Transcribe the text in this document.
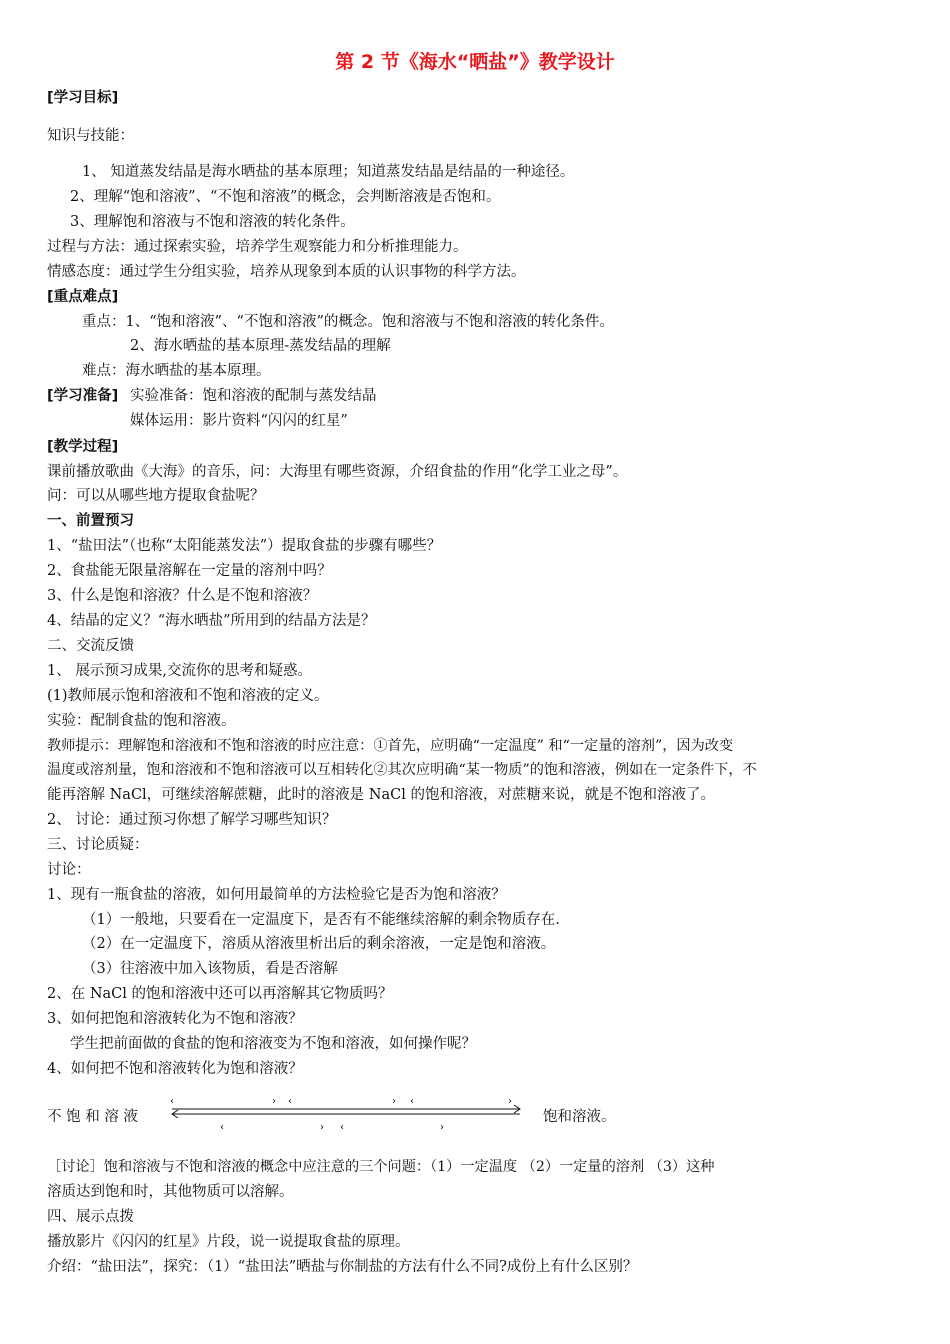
第 2 节《海水“晒盐”》教学设计
[学习目标]
知识与技能：
1、 知道蒸发结晶是海水晒盐的基本原理；知道蒸发结晶是结晶的一种途径。
2、理解“饱和溶液”、“不饱和溶液”的概念，会判断溶液是否饱和。
3、理解饱和溶液与不饱和溶液的转化条件。
过程与方法：通过探索实验，培养学生观察能力和分析推理能力。
情感态度：通过学生分组实验，培养从现象到本质的认识事物的科学方法。
[重点难点]
重点：1、“饱和溶液”、“不饱和溶液”的概念。饱和溶液与不饱和溶液的转化条件。
2、海水晒盐的基本原理-蒸发结晶的理解
难点：海水晒盐的基本原理。
[学习准备] 实验准备：饱和溶液的配制与蒸发结晶
媒体运用：影片资料“闪闪的红星”
[教学过程]
课前播放歌曲《大海》的音乐，问：大海里有哪些资源，介绍食盐的作用“化学工业之母”。
问：可以从哪些地方提取食盐呢？
一、前置预习
1、“盐田法”（也称“太阳能蒸发法”）提取食盐的步骤有哪些？
2、食盐能无限量溶解在一定量的溶剂中吗？
3、什么是饱和溶液？什么是不饱和溶液？
4、结晶的定义？“海水晒盐”所用到的结晶方法是？
二、交流反馈
1、 展示预习成果,交流你的思考和疑惑。
(1)教师展示饱和溶液和不饱和溶液的定义。
实验：配制食盐的饱和溶液。
教师提示：理解饱和溶液和不饱和溶液的时应注意：①首先，应明确“一定温度” 和“一定量的溶剂”，因为改变
温度或溶剂量，饱和溶液和不饱和溶液可以互相转化②其次应明确“某一物质”的饱和溶液，例如在一定条件下，不
能再溶解 NaCl，可继续溶解蔗糖，此时的溶液是 NaCl 的饱和溶液，对蔗糖来说，就是不饱和溶液了。
2、 讨论：通过预习你想了解学习哪些知识？
三、讨论质疑：
讨论：
1、现有一瓶食盐的溶液，如何用最简单的方法检验它是否为饱和溶液？
（1）一般地，只要看在一定温度下，是否有不能继续溶解的剩余物质存在.
（2）在一定温度下，溶质从溶液里析出后的剩余溶液，一定是饱和溶液。
（3）往溶液中加入该物质，看是否溶解
2、在 NaCl 的饱和溶液中还可以再溶解其它物质吗？
3、如何把饱和溶液转化为不饱和溶液？
学生把前面做的食盐的饱和溶液变为不饱和溶液，如何操作呢？
4、如何把不饱和溶液转化为饱和溶液？
不 饱 和 溶 液
‹	› ‹	› ‹	›
‹	› ‹	›
饱和溶液。
［讨论］饱和溶液与不饱和溶液的概念中应注意的三个问题：（1）一定温度 （2）一定量的溶剂 （3）这种
溶质达到饱和时，其他物质可以溶解。
四、展示点拨
播放影片《闪闪的红星》片段，说一说提取食盐的原理。
介绍：“盐田法”，探究：（1）“盐田法”晒盐与你制盐的方法有什么不同?成份上有什么区别？
